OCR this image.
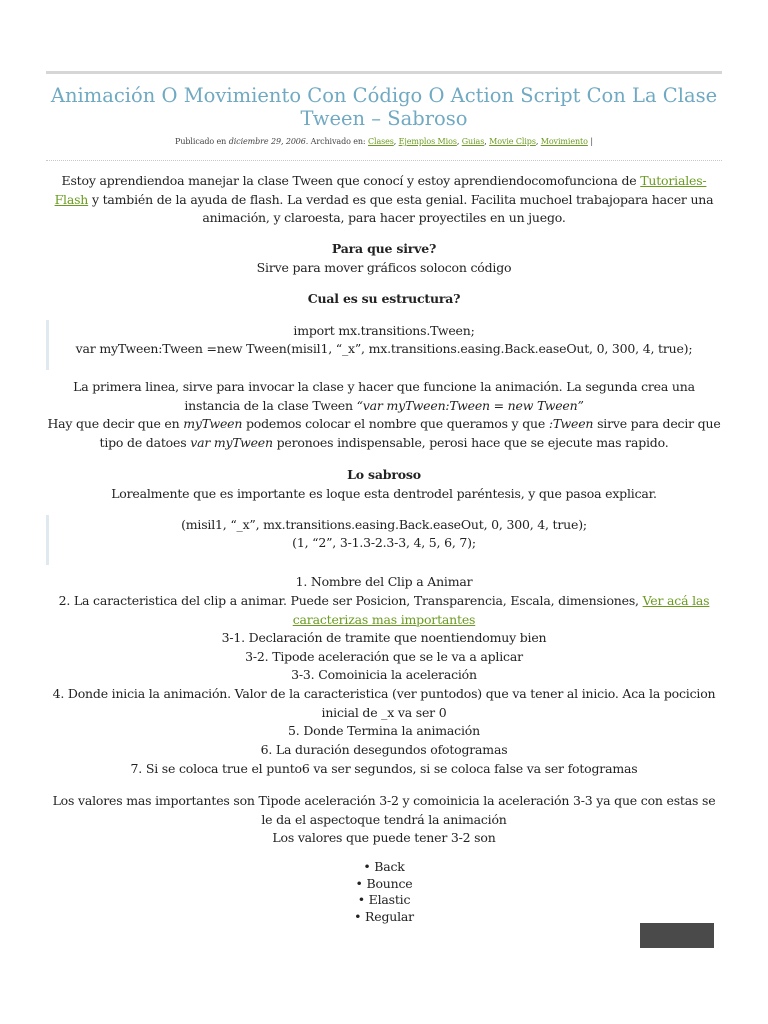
Animación O Movimiento Con Código O Action Script Con La Clase Tween – Sabroso
Publicado en diciembre 29, 2006. Archivado en: Clases, Ejemplos Mios, Guias, Movie Clips, Movimiento |
Estoy aprendiendoa manejar la clase Tween que conocí y estoy aprendiendocomofunciona de Tutoriales-Flash y también de la ayuda de flash. La verdad es que esta genial. Facilita muchoel trabajopara hacer una animación, y claroesta, para hacer proyectiles en un juego.
Para que sirve?
Sirve para mover gráficos solocon código
Cual es su estructura?
import mx.transitions.Tween;
var myTween:Tween =new Tween(misil1, “_x”, mx.transitions.easing.Back.easeOut, 0, 300, 4, true);
La primera linea, sirve para invocar la clase y hacer que funcione la animación. La segunda crea una instancia de la clase Tween “var myTween:Tween = new Tween”
Hay que decir que en myTween podemos colocar el nombre que queramos y que :Tween sirve para decir que tipo de datoes var myTween peronoes indispensable, perosi hace que se ejecute mas rapido.
Lo sabroso
Lorealmente que es importante es loque esta dentrodel paréntesis, y que pasoa explicar.
(misil1, “_x”, mx.transitions.easing.Back.easeOut, 0, 300, 4, true);
(1, “2”, 3-1.3-2.3-3, 4, 5, 6, 7);
1. Nombre del Clip a Animar
2. La caracteristica del clip a animar. Puede ser Posicion, Transparencia, Escala, dimensiones, Ver acá las caracterizas mas importantes
3-1. Declaración de tramite que noentiendomuy bien
3-2. Tipode aceleración que se le va a aplicar
3-3. Comoinicia la aceleración
4. Donde inicia la animación. Valor de la caracteristica (ver puntodos) que va tener al inicio. Aca la pocicion inicial de _x va ser 0
5. Donde Termina la animación
6. La duración desegundos ofotogramas
7. Si se coloca true el punto6 va ser segundos, si se coloca false va ser fotogramas
Los valores mas importantes son Tipode aceleración 3-2 y comoinicia la aceleración 3-3 ya que con estas se le da el aspectoque tendrá la animación
Los valores que puede tener 3-2 son
• Back
• Bounce
• Elastic
• Regular
